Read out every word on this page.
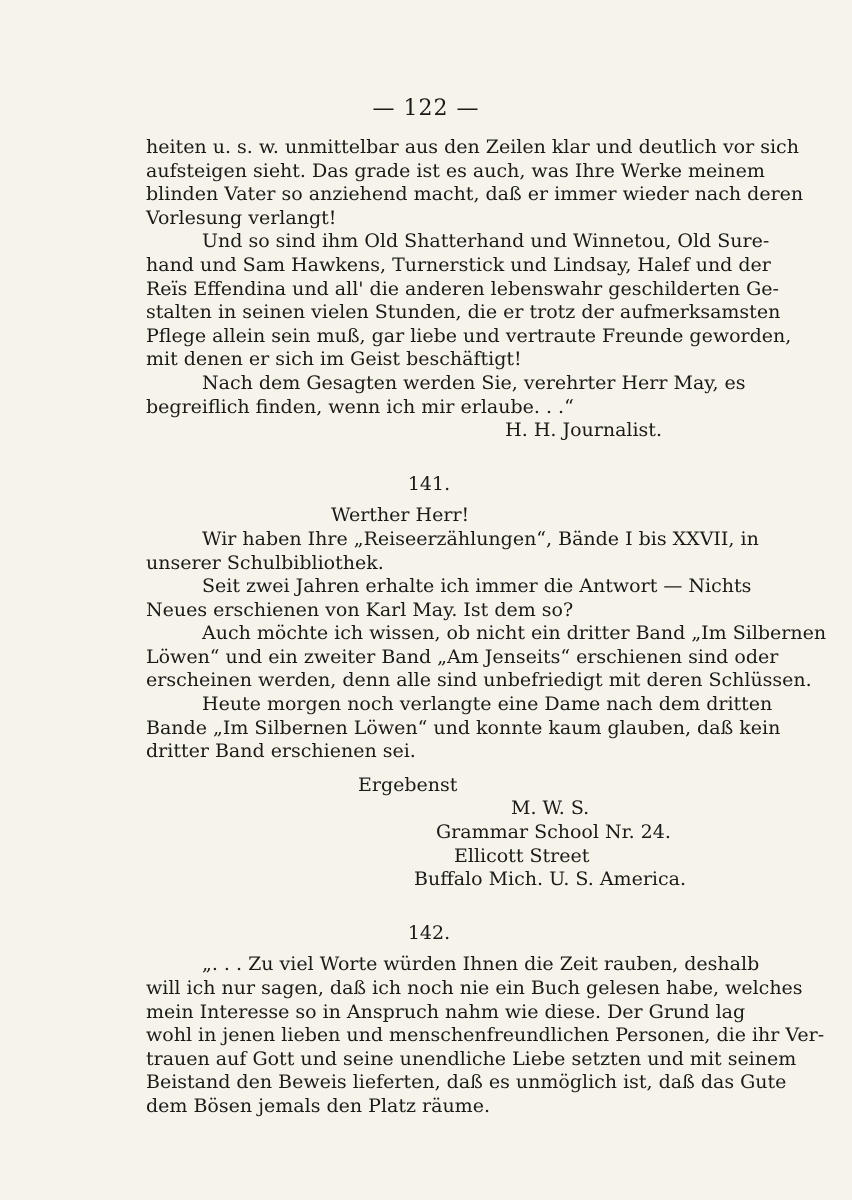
— 122 —
heiten u. s. w. unmittelbar aus den Zeilen klar und deutlich vor sich
aufsteigen sieht. Das grade ist es auch, was Ihre Werke meinem
blinden Vater so anziehend macht, daß er immer wieder nach deren
Vorlesung verlangt!
Und so sind ihm Old Shatterhand und Winnetou, Old Sure-
hand und Sam Hawkens, Turnerstick und Lindsay, Halef und der
Reïs Effendina und all' die anderen lebenswahr geschilderten Ge-
stalten in seinen vielen Stunden, die er trotz der aufmerksamsten
Pflege allein sein muß, gar liebe und vertraute Freunde geworden,
mit denen er sich im Geist beschäftigt!
Nach dem Gesagten werden Sie, verehrter Herr May, es
begreiflich finden, wenn ich mir erlaube. . .“
H. H. Journalist.
141.
Werther Herr!
Wir haben Ihre „Reiseerzählungen“, Bände I bis XXVII, in
unserer Schulbibliothek.
Seit zwei Jahren erhalte ich immer die Antwort — Nichts
Neues erschienen von Karl May. Ist dem so?
Auch möchte ich wissen, ob nicht ein dritter Band „Im Silbernen
Löwen“ und ein zweiter Band „Am Jenseits“ erschienen sind oder
erscheinen werden, denn alle sind unbefriedigt mit deren Schlüssen.
Heute morgen noch verlangte eine Dame nach dem dritten
Bande „Im Silbernen Löwen“ und konnte kaum glauben, daß kein
dritter Band erschienen sei.
Ergebenst
M. W. S.
Grammar School Nr. 24.
Ellicott Street
Buffalo Mich. U. S. America.
142.
„. . . Zu viel Worte würden Ihnen die Zeit rauben, deshalb
will ich nur sagen, daß ich noch nie ein Buch gelesen habe, welches
mein Interesse so in Anspruch nahm wie diese. Der Grund lag
wohl in jenen lieben und menschenfreundlichen Personen, die ihr Ver-
trauen auf Gott und seine unendliche Liebe setzten und mit seinem
Beistand den Beweis lieferten, daß es unmöglich ist, daß das Gute
dem Bösen jemals den Platz räume.
